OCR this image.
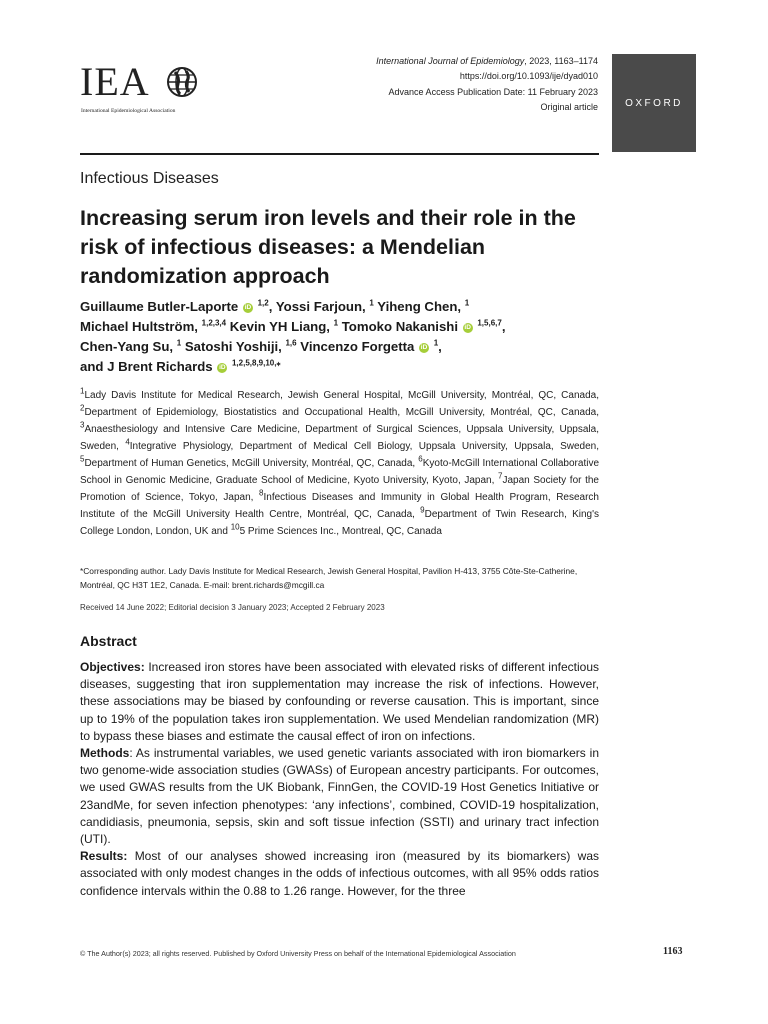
IEA
International Epidemiological Association
International Journal of Epidemiology, 2023, 1163–1174
https://doi.org/10.1093/ije/dyad010
Advance Access Publication Date: 11 February 2023
Original article	OXFORD
Infectious Diseases
Increasing serum iron levels and their role in the risk of infectious diseases: a Mendelian randomization approach
Guillaume Butler-Laporte iD $^{1,2}$, Yossi Farjoun, $^1$ Yiheng Chen, $^1$
Michael Hultström, $^{1,2,3,4}$ Kevin YH Liang, $^1$ Tomoko Nakanishi iD $^{1,5,6,7}$,
Chen-Yang Su, $^1$ Satoshi Yoshiji, $^{1,6}$ Vincenzo Forgetta iD $^1$,
and J Brent Richards iD $^{1,2,5,8,9,10,⁎}$
$^1$Lady Davis Institute for Medical Research, Jewish General Hospital, McGill University, Montréal, QC, Canada, $^2$Department of Epidemiology, Biostatistics and Occupational Health, McGill University, Montréal, QC, Canada, $^3$Anaesthesiology and Intensive Care Medicine, Department of Surgical Sciences, Uppsala University, Uppsala, Sweden, $^4$Integrative Physiology, Department of Medical Cell Biology, Uppsala University, Uppsala, Sweden, $^5$Department of Human Genetics, McGill University, Montréal, QC, Canada, $^6$Kyoto-McGill International Collaborative School in Genomic Medicine, Graduate School of Medicine, Kyoto University, Kyoto, Japan, $^7$Japan Society for the Promotion of Science, Tokyo, Japan, $^8$Infectious Diseases and Immunity in Global Health Program, Research Institute of the McGill University Health Centre, Montréal, QC, Canada, $^9$Department of Twin Research, King's College London, London, UK and $^{10}$5 Prime Sciences Inc., Montreal, QC, Canada
*Corresponding author. Lady Davis Institute for Medical Research, Jewish General Hospital, Pavilion H-413, 3755 Côte-Ste-Catherine, Montréal, QC H3T 1E2, Canada. E-mail: brent.richards@mcgill.ca
Received 14 June 2022; Editorial decision 3 January 2023; Accepted 2 February 2023
Abstract
Objectives: Increased iron stores have been associated with elevated risks of different infectious diseases, suggesting that iron supplementation may increase the risk of infections. However, these associations may be biased by confounding or reverse causation. This is important, since up to 19% of the population takes iron supplementation. We used Mendelian randomization (MR) to bypass these biases and estimate the causal effect of iron on infections.
Methods: As instrumental variables, we used genetic variants associated with iron biomarkers in two genome-wide association studies (GWASs) of European ancestry participants. For outcomes, we used GWAS results from the UK Biobank, FinnGen, the COVID-19 Host Genetics Initiative or 23andMe, for seven infection phenotypes: ‘any infections’, combined, COVID-19 hospitalization, candidiasis, pneumonia, sepsis, skin and soft tissue infection (SSTI) and urinary tract infection (UTI).
Results: Most of our analyses showed increasing iron (measured by its biomarkers) was associated with only modest changes in the odds of infectious outcomes, with all 95% odds ratios confidence intervals within the 0.88 to 1.26 range. However, for the three
© The Author(s) 2023; all rights reserved. Published by Oxford University Press on behalf of the International Epidemiological Association	1163
